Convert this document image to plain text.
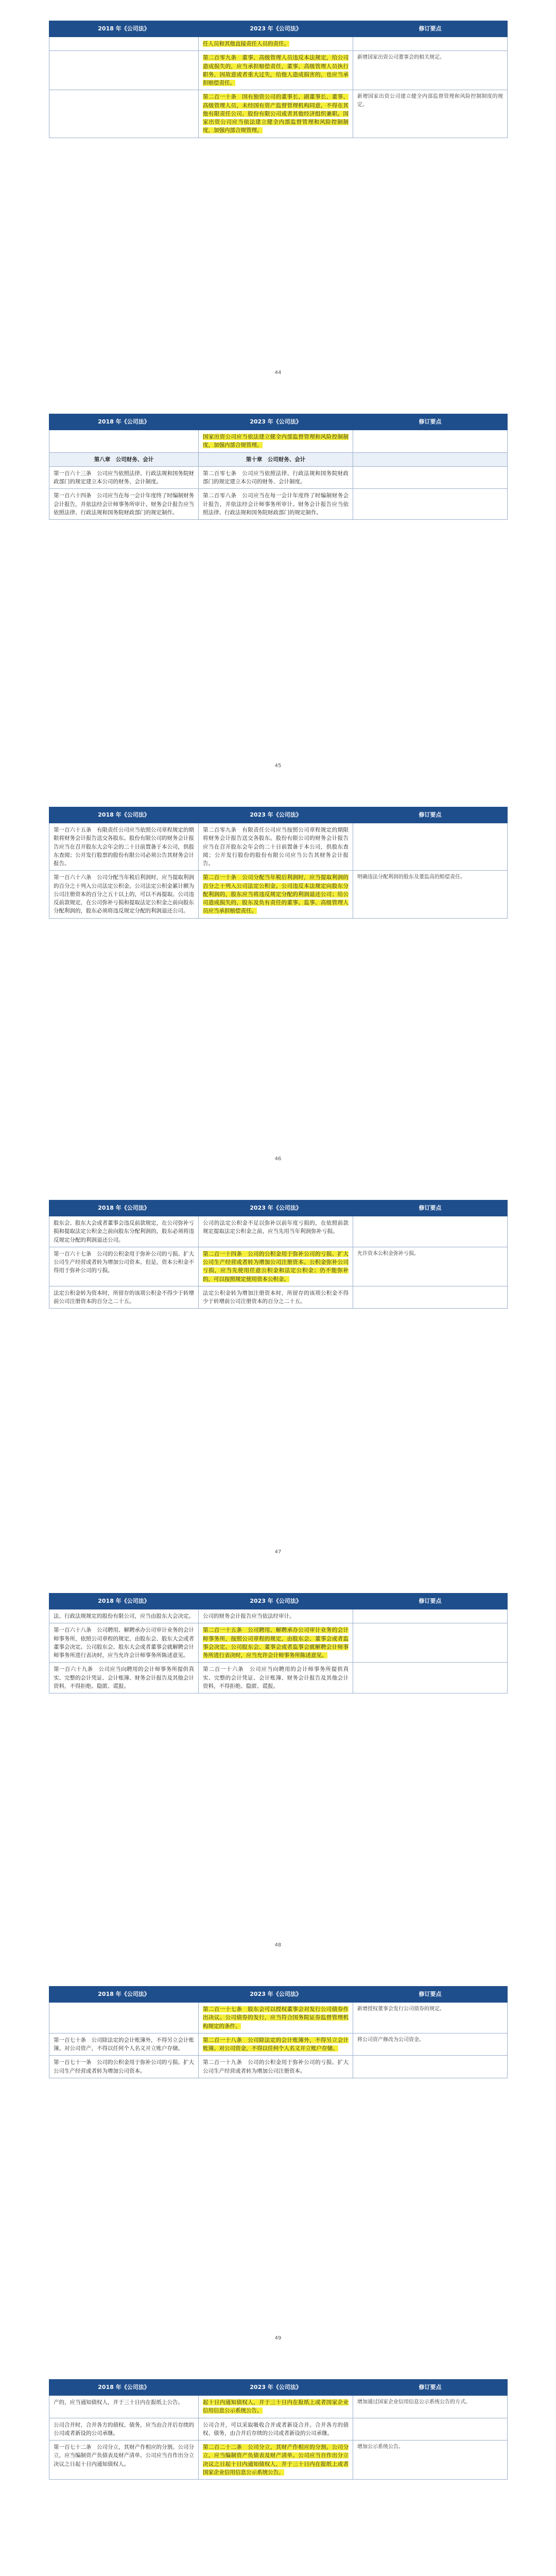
2018 年《公司法》	2023 年《公司法》	修订要点
	任人员和其他直接责任人员的责任。	
	第二百零九条　董事、高级管理人员违反本法规定，给公司造成损失的，应当承担赔偿责任，董事、高级管理人员执行职务，因故意或者重大过失，给他人造成损害的，也应当承担赔偿责任。	新增国家出资公司董事会的相关规定。
	第二百一十条　国有独资公司的董事长、副董事长、董事、高级管理人员，未经国有资产监督管理机构同意，不得在其他有限责任公司、股份有限公司或者其他经济组织兼职。国家出资公司应当依法建立健全内部监督管理和风险控制制度，加强内部合规管理。	新增国家出资公司建立健全内部监督管理和风险控制制度的规定。
44
2018 年《公司法》	2023 年《公司法》	修订要点
	国家出资公司应当依法建立健全内部监督管理和风险控制制度，加强内部合规管理。	
第八章　公司财务、会计	第十章　公司财务、会计	
第一百六十三条　公司应当依照法律、行政法规和国务院财政部门的规定建立本公司的财务、会计制度。	第二百零七条　公司应当依照法律、行政法规和国务院财政部门的规定建立本公司的财务、会计制度。	
第一百六十四条　公司应当在每一会计年度终了时编制财务会计报告，并依法经会计师事务所审计。财务会计报告应当依照法律、行政法规和国务院财政部门的规定制作。	第二百零八条　公司应当在每一会计年度终了时编制财务会计报告，并依法经会计师事务所审计。财务会计报告应当依照法律、行政法规和国务院财政部门的规定制作。	
45
2018 年《公司法》	2023 年《公司法》	修订要点
第一百六十五条　有限责任公司应当依照公司章程规定的期限将财务会计报告送交各股东。股份有限公司的财务会计报告应当在召开股东大会年会的二十日前置备于本公司，供股东查阅；公开发行股票的股份有限公司必须公告其财务会计报告。	第二百零九条　有限责任公司应当按照公司章程规定的期限将财务会计报告送交各股东。股份有限公司的财务会计报告应当在召开股东会年会的二十日前置备于本公司，供股东查阅；公开发行股份的股份有限公司应当公告其财务会计报告。	
第一百六十六条　公司分配当年税后利润时，应当提取利润的百分之十列入公司法定公积金。公司法定公积金累计额为公司注册资本的百分之五十以上的，可以不再提取。公司违反前款规定，在公司弥补亏损和提取法定公积金之前向股东分配利润的，股东必须将违反规定分配的利润退还公司。	第二百一十条　公司分配当年税后利润时，应当提取利润的百分之十列入公司法定公积金。公司违反本法规定向股东分配利润的，股东应当将违反规定分配的利润退还公司；给公司造成损失的，股东及负有责任的董事、监事、高级管理人员应当承担赔偿责任。	明确违法分配利润的股东及董监高的赔偿责任。
46
2018 年《公司法》	2023 年《公司法》	修订要点
股东会、股东大会或者董事会违反前款规定，在公司弥补亏损和提取法定公积金之前向股东分配利润的，股东必须将违反规定分配的利润退还公司。	公司的法定公积金不足以弥补以前年度亏损的，在依照前款规定提取法定公积金之前，应当先用当年利润弥补亏损。	
第一百六十七条　公司的公积金用于弥补公司的亏损、扩大公司生产经营或者转为增加公司资本。但是，资本公积金不得用于弥补公司的亏损。	第二百一十四条　公司的公积金用于弥补公司的亏损、扩大公司生产经营或者转为增加公司注册资本。公积金弥补公司亏损，应当先使用任意公积金和法定公积金；仍不能弥补的，可以按照规定使用资本公积金。	允许资本公积金弥补亏损。
法定公积金转为资本时，所留存的该项公积金不得少于转增前公司注册资本的百分之二十五。	法定公积金转为增加注册资本时，所留存的该项公积金不得少于转增前公司注册资本的百分之二十五。	
47
2018 年《公司法》	2023 年《公司法》	修订要点
法、行政法规规定的股份有限公司，应当由股东大会决定。	公司的财务会计报告应当依法经审计。	
第一百六十八条　公司聘用、解聘承办公司审计业务的会计师事务所，依照公司章程的规定，由股东会、股东大会或者董事会决定。公司股东会、股东大会或者董事会就解聘会计师事务所进行表决时，应当允许会计师事务所陈述意见。	第二百一十五条　公司聘用、解聘承办公司审计业务的会计师事务所，按照公司章程的规定，由股东会、董事会或者监事会决定。公司股东会、董事会或者监事会就解聘会计师事务所进行表决时，应当允许会计师事务所陈述意见。	
第一百六十九条　公司应当向聘用的会计师事务所提供真实、完整的会计凭证、会计账簿、财务会计报告及其他会计资料，不得拒绝、隐匿、谎报。	第二百一十六条　公司应当向聘用的会计师事务所提供真实、完整的会计凭证、会计账簿、财务会计报告及其他会计资料，不得拒绝、隐匿、谎报。	
48
2018 年《公司法》	2023 年《公司法》	修订要点
	第二百一十七条　股东会可以授权董事会对发行公司债券作出决议。公司债券的发行，应当符合国务院证券监督管理机构规定的条件。	新增授权董事会发行公司债券的规定。
第一百七十条　公司除法定的会计账簿外，不得另立会计账簿。对公司资产，不得以任何个人名义开立账户存储。	第二百一十八条　公司除法定的会计账簿外，不得另立会计账簿。对公司资金，不得以任何个人名义开立账户存储。	将公司资产修改为公司资金。
第一百七十一条　公司的公积金用于弥补公司的亏损、扩大公司生产经营或者转为增加公司资本。	第二百一十九条　公司的公积金用于弥补公司的亏损、扩大公司生产经营或者转为增加公司注册资本。	
49
2018 年《公司法》	2023 年《公司法》	修订要点
产的，应当通知债权人，并于三十日内在报纸上公告。	起十日内通知债权人，并于三十日内在报纸上或者国家企业信用信息公示系统公告。	增加通过国家企业信用信息公示系统公告的方式。
公司合并时，合并各方的债权、债务，应当由合并后存续的公司或者新设的公司承继。	公司合并，可以采取吸收合并或者新设合并。合并各方的债权、债务，由合并后存续的公司或者新设的公司承继。	
第一百七十二条　公司分立，其财产作相应的分割。公司分立，应当编制资产负债表及财产清单。公司应当自作出分立决议之日起十日内通知债权人。	第二百二十二条　公司分立，其财产作相应的分割。公司分立，应当编制资产负债表及财产清单。公司应当自作出分立决议之日起十日内通知债权人，并于三十日内在报纸上或者国家企业信用信息公示系统公告。	增加公示系统公告。
